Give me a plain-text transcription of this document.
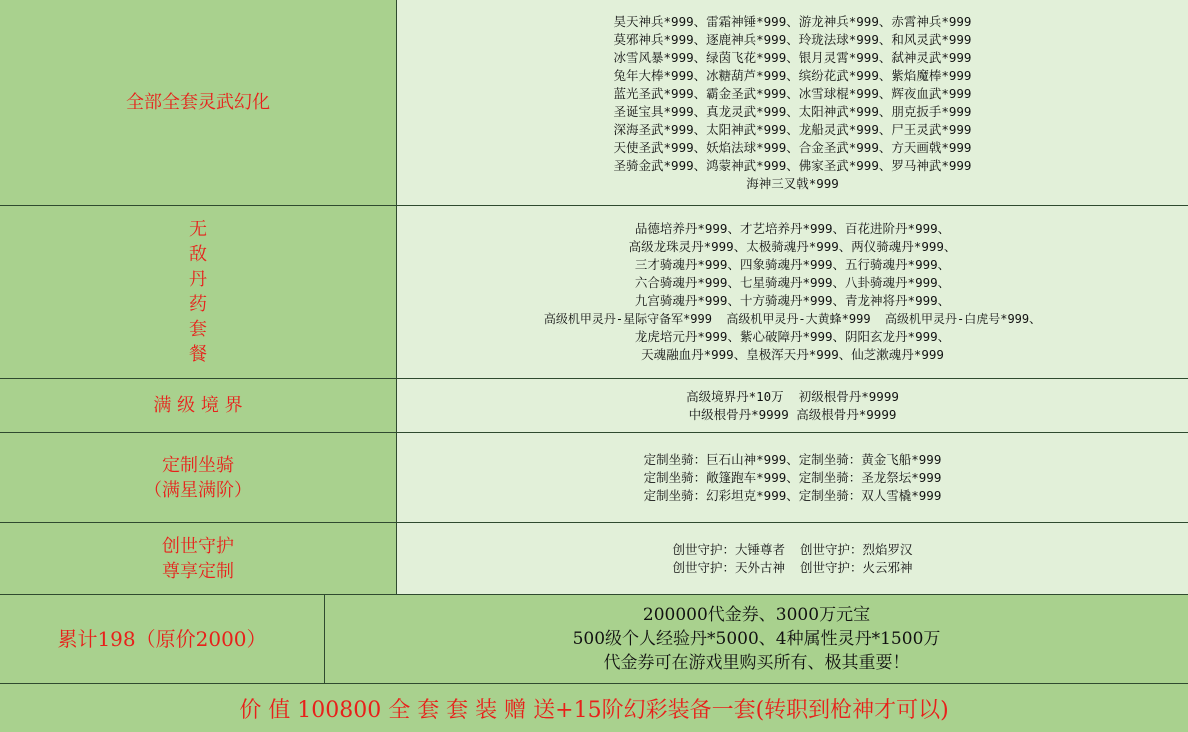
全部全套灵武幻化
昊天神兵*999、雷霜神锤*999、游龙神兵*999、赤霄神兵*999
莫邪神兵*999、逐鹿神兵*999、玲珑法球*999、和风灵武*999
冰雪风暴*999、绿茵飞花*999、银月灵霄*999、弑神灵武*999
兔年大棒*999、冰糖葫芦*999、缤纷花武*999、紫焰魔棒*999
蓝光圣武*999、霸金圣武*999、冰雪球棍*999、辉夜血武*999
圣诞宝具*999、真龙灵武*999、太阳神武*999、朋克扳手*999
深海圣武*999、太阳神武*999、龙船灵武*999、尸王灵武*999
天使圣武*999、妖焰法球*999、合金圣武*999、方天画戟*999
圣骑金武*999、鸿蒙神武*999、佛家圣武*999、罗马神武*999
海神三叉戟*999
无
敌
丹
药
套
餐
品德培养丹*999、才艺培养丹*999、百花进阶丹*999、
高级龙珠灵丹*999、太极骑魂丹*999、两仪骑魂丹*999、
三才骑魂丹*999、四象骑魂丹*999、五行骑魂丹*999、
六合骑魂丹*999、七星骑魂丹*999、八卦骑魂丹*999、
九宫骑魂丹*999、十方骑魂丹*999、青龙神将丹*999、
高级机甲灵丹-星际守备军*999  高级机甲灵丹-大黄蜂*999  高级机甲灵丹-白虎号*999、
龙虎培元丹*999、紫心破障丹*999、阴阳玄龙丹*999、
天魂融血丹*999、皇极浑天丹*999、仙芝漱魂丹*999
满 级 境 界	高级境界丹*10万  初级根骨丹*9999
中级根骨丹*9999 高级根骨丹*9999
定制坐骑
（满星满阶）
定制坐骑：巨石山神*999、定制坐骑：黄金飞船*999
定制坐骑：敞篷跑车*999、定制坐骑：圣龙祭坛*999
定制坐骑：幻彩坦克*999、定制坐骑：双人雪橇*999
创世守护
尊享定制
创世守护：大锤尊者  创世守护：烈焰罗汉
创世守护：天外古神  创世守护：火云邪神
累计198（原价2000）
200000代金券、3000万元宝
500级个人经验丹*5000、4种属性灵丹*1500万
代金券可在游戏里购买所有、极其重要！
价 值 100800 全 套 套 装 赠 送+15阶幻彩装备一套(转职到枪神才可以)
